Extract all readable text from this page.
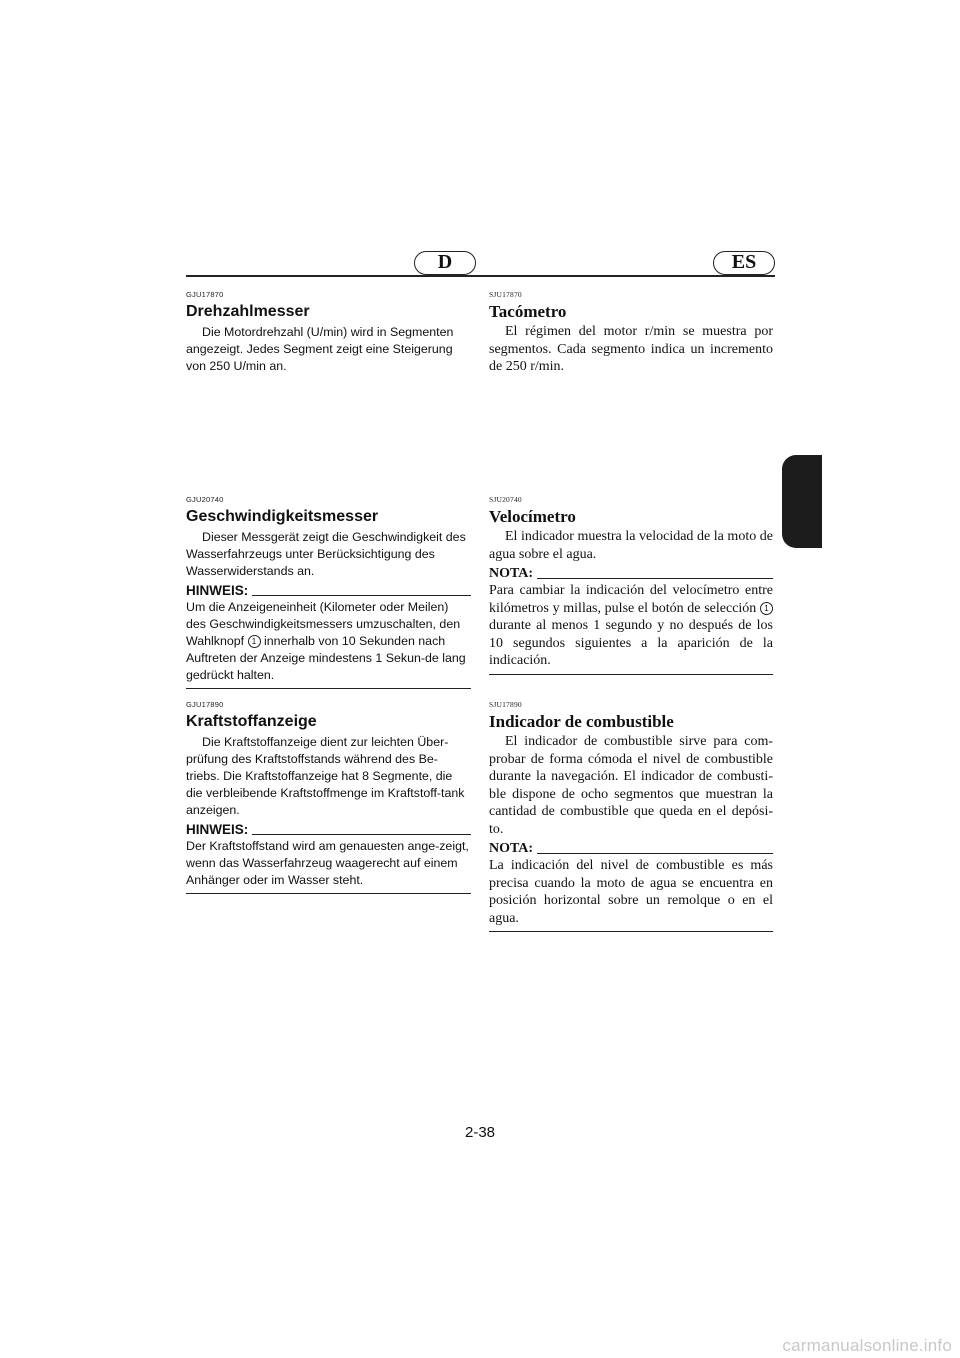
D	ES

GJU17870

Drehzahlmesser

Die Motordrehzahl (U/min) wird in Segmenten angezeigt. Jedes Segment zeigt eine Steigerung von 250 U/min an.

SJU17870

Tacómetro

El régimen del motor r/min se muestra por segmentos. Cada segmento indica un incremento de 250 r/min.

GJU20740

Geschwindigkeitsmesser

Dieser Messgerät zeigt die Geschwindigkeit des Wasserfahrzeugs unter Berücksichtigung des Wasserwiderstands an.

HINWEIS:

Um die Anzeigeneinheit (Kilometer oder Meilen) des Geschwindigkeitsmessers umzuschalten, den Wahlknopf 1 innerhalb von 10 Sekunden nach Auftreten der Anzeige mindestens 1 Sekun-de lang gedrückt halten.

SJU20740

Velocímetro

El indicador muestra la velocidad de la moto de agua sobre el agua.

NOTA:

Para cambiar la indicación del velocímetro entre kilómetros y millas, pulse el botón de selección 1 durante al menos 1 segundo y no después de los 10 segundos siguientes a la aparición de la indicación.

GJU17890

Kraftstoffanzeige

Die Kraftstoffanzeige dient zur leichten Über-prüfung des Kraftstoffstands während des Be-triebs. Die Kraftstoffanzeige hat 8 Segmente, die die verbleibende Kraftstoffmenge im Kraftstoff-tank anzeigen.

HINWEIS:

Der Kraftstoffstand wird am genauesten ange-zeigt, wenn das Wasserfahrzeug waagerecht auf einem Anhänger oder im Wasser steht.

SJU17890

Indicador de combustible

El indicador de combustible sirve para com-probar de forma cómoda el nivel de combustible durante la navegación. El indicador de combusti-ble dispone de ocho segmentos que muestran la cantidad de combustible que queda en el depósi-to.

NOTA:

La indicación del nivel de combustible es más precisa cuando la moto de agua se encuentra en posición horizontal sobre un remolque o en el agua.

2-38
carmanualsonline.info
